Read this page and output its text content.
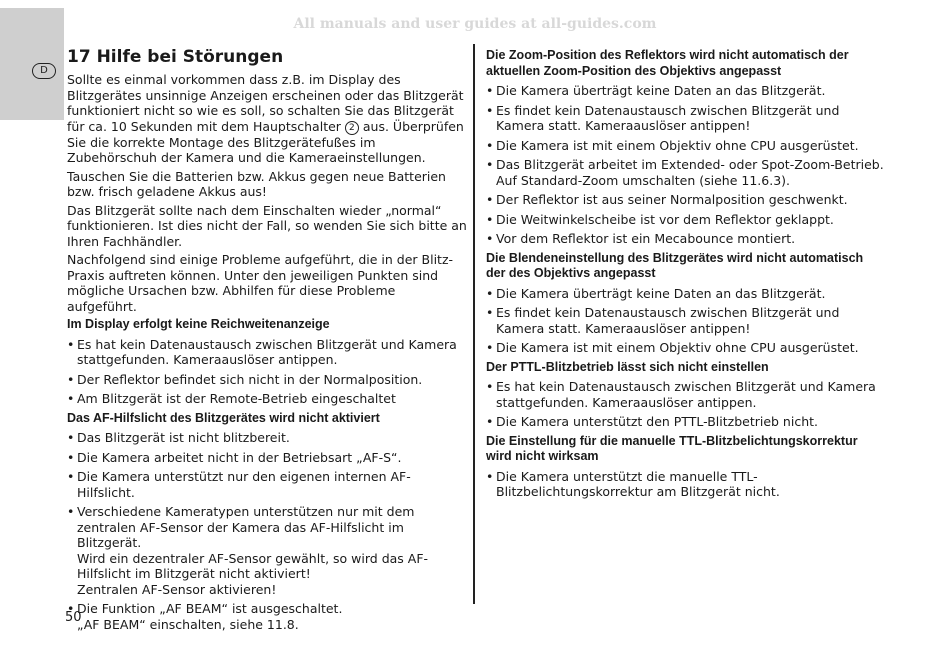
All manuals and user guides at all-guides.com
D
17 Hilfe bei Störungen

Sollte es einmal vorkommen dass z.B. im Display des Blitzgerätes unsinnige Anzeigen erscheinen oder das Blitzgerät funktioniert nicht so wie es soll, so schalten Sie das Blitzgerät für ca. 10 Sekunden mit dem Hauptschalter 2 aus. Überprüfen Sie die korrekte Montage des Blitzgerätefußes im Zubehörschuh der Kamera und die Kameraeinstellungen.

Tauschen Sie die Batterien bzw. Akkus gegen neue Batterien bzw. frisch geladene Akkus aus!

Das Blitzgerät sollte nach dem Einschalten wieder „normal“ funktionieren. Ist dies nicht der Fall, so wenden Sie sich bitte an Ihren Fachhändler.

Nachfolgend sind einige Probleme aufgeführt, die in der Blitz-Praxis auftreten können. Unter den jeweiligen Punkten sind mögliche Ursachen bzw. Abhilfen für diese Probleme aufgeführt.

Im Display erfolgt keine Reichweitenanzeige
• Es hat kein Datenaustausch zwischen Blitzgerät und Kamera stattgefunden. Kameraauslöser antippen.
• Der Reflektor befindet sich nicht in der Normalposition.
• Am Blitzgerät ist der Remote-Betrieb eingeschaltet
Das AF-Hilfslicht des Blitzgerätes wird nicht aktiviert
• Das Blitzgerät ist nicht blitzbereit.
• Die Kamera arbeitet nicht in der Betriebsart „AF-S“.
• Die Kamera unterstützt nur den eigenen internen AF-Hilfslicht.
• Verschiedene Kameratypen unterstützen nur mit dem zentralen AF-Sensor der Kamera das AF-Hilfslicht im Blitzgerät.
Wird ein dezentraler AF-Sensor gewählt, so wird das AF-Hilfslicht im Blitzgerät nicht aktiviert!
Zentralen AF-Sensor aktivieren!
• Die Funktion „AF BEAM“ ist ausgeschaltet.
„AF BEAM“ einschalten, siehe 11.8.
Die Zoom-Position des Reflektors wird nicht automatisch der aktuellen Zoom-Position des Objektivs angepasst
• Die Kamera überträgt keine Daten an das Blitzgerät.
• Es findet kein Datenaustausch zwischen Blitzgerät und Kamera statt. Kameraauslöser antippen!
• Die Kamera ist mit einem Objektiv ohne CPU ausgerüstet.
• Das Blitzgerät arbeitet im Extended- oder Spot-Zoom-Betrieb. Auf Standard-Zoom umschalten (siehe 11.6.3).
• Der Reflektor ist aus seiner Normalposition geschwenkt.
• Die Weitwinkelscheibe ist vor dem Reflektor geklappt.
• Vor dem Reflektor ist ein Mecabounce montiert.
Die Blendeneinstellung des Blitzgerätes wird nicht automatisch der des Objektivs angepasst
• Die Kamera überträgt keine Daten an das Blitzgerät.
• Es findet kein Datenaustausch zwischen Blitzgerät und Kamera statt. Kameraauslöser antippen!
• Die Kamera ist mit einem Objektiv ohne CPU ausgerüstet.
Der PTTL-Blitzbetrieb lässt sich nicht einstellen
• Es hat kein Datenaustausch zwischen Blitzgerät und Kamera stattgefunden. Kameraauslöser antippen.
• Die Kamera unterstützt den PTTL-Blitzbetrieb nicht.
Die Einstellung für die manuelle TTL-Blitzbelichtungskorrektur wird nicht wirksam
• Die Kamera unterstützt die manuelle TTL-Blitzbelichtungskorrektur am Blitzgerät nicht.
50
